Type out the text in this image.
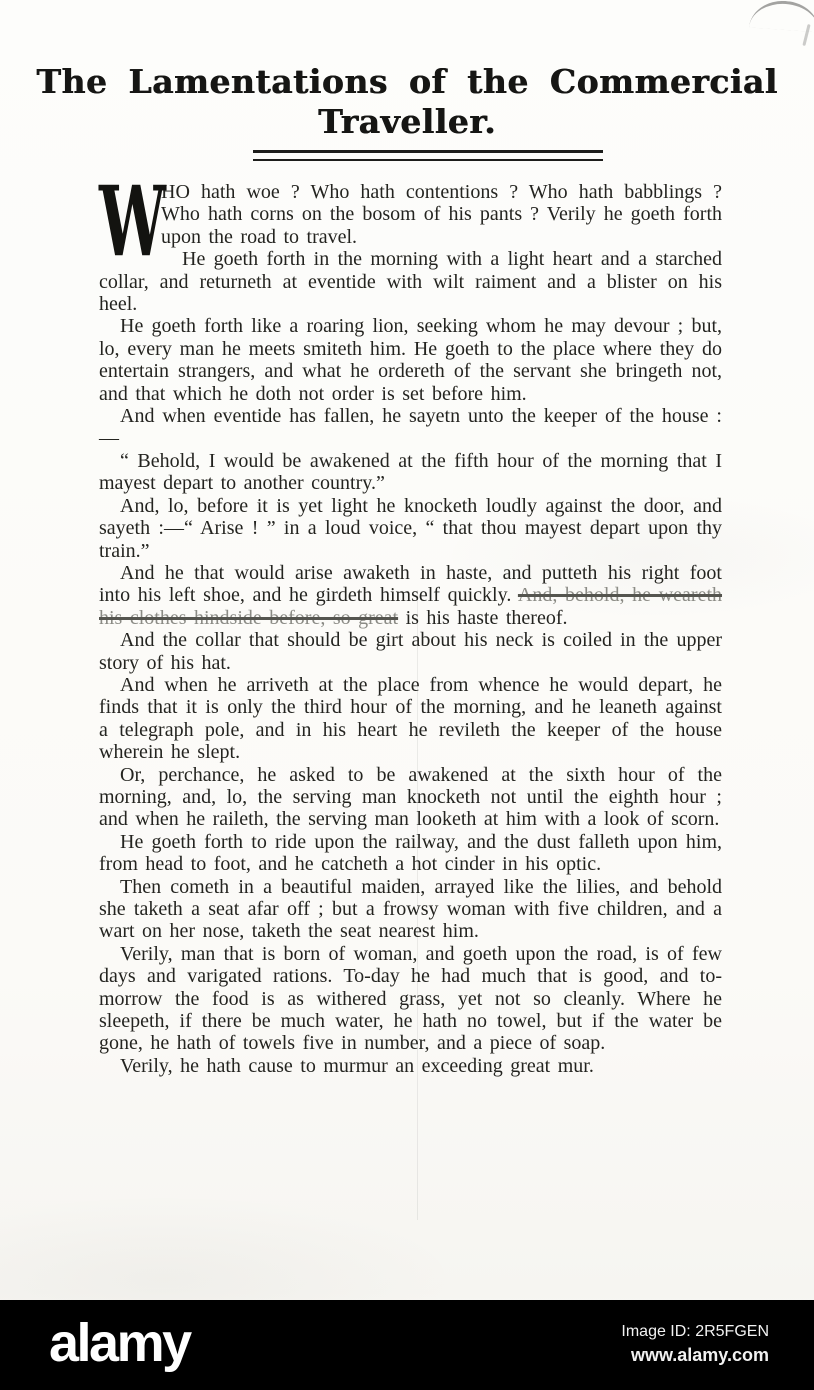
The Lamentations of the Commercial
Traveller.

W
HO hath woe ? Who hath contentions ? Who hath babblings ? Who hath corns on the bosom of his pants ? Verily he goeth forth upon the road to travel.

He goeth forth in the morning with a light heart and a starched collar, and returneth at eventide with wilt raiment and a blister on his heel.

He goeth forth like a roaring lion, seeking whom he may devour ; but, lo, every man he meets smiteth him. He goeth to the place where they do entertain strangers, and what he ordereth of the servant she bringeth not, and that which he doth not order is set before him.

And when eventide has fallen, he sayetn unto the keeper of the house :—

“ Behold, I would be awakened at the fifth hour of the morning that I mayest depart to another country.”

And, lo, before it is yet light he knocketh loudly against the door, and sayeth :—“ Arise ! ” in a loud voice, “ that thou mayest depart upon thy train.”

And he that would arise awaketh in haste, and putteth his right foot into his left shoe, and he girdeth himself quickly. And, behold, he weareth his clothes hindside before, so great is his haste thereof.

And the collar that should be girt about his neck is coiled in the upper story of his hat.

And when he arriveth at the place from whence he would depart, he finds that it is only the third hour of the morning, and he leaneth against a telegraph pole, and in his heart he revileth the keeper of the house wherein he slept.

Or, perchance, he asked to be awakened at the sixth hour of the morning, and, lo, the serving man knocketh not until the eighth hour ; and when he raileth, the serving man looketh at him with a look of scorn.

He goeth forth to ride upon the railway, and the dust falleth upon him, from head to foot, and he catcheth a hot cinder in his optic.

Then cometh in a beautiful maiden, arrayed like the lilies, and behold she taketh a seat afar off ; but a frowsy woman with five children, and a wart on her nose, taketh the seat nearest him.

Verily, man that is born of woman, and goeth upon the road, is of few days and varigated rations. To-day he had much that is good, and to-morrow the food is as withered grass, yet not so cleanly. Where he sleepeth, if there be much water, he hath no towel, but if the water be gone, he hath of towels five in number, and a piece of soap.

Verily, he hath cause to murmur an exceeding great mur.

alamy	Image ID: 2R5FGEN
www.alamy.com
